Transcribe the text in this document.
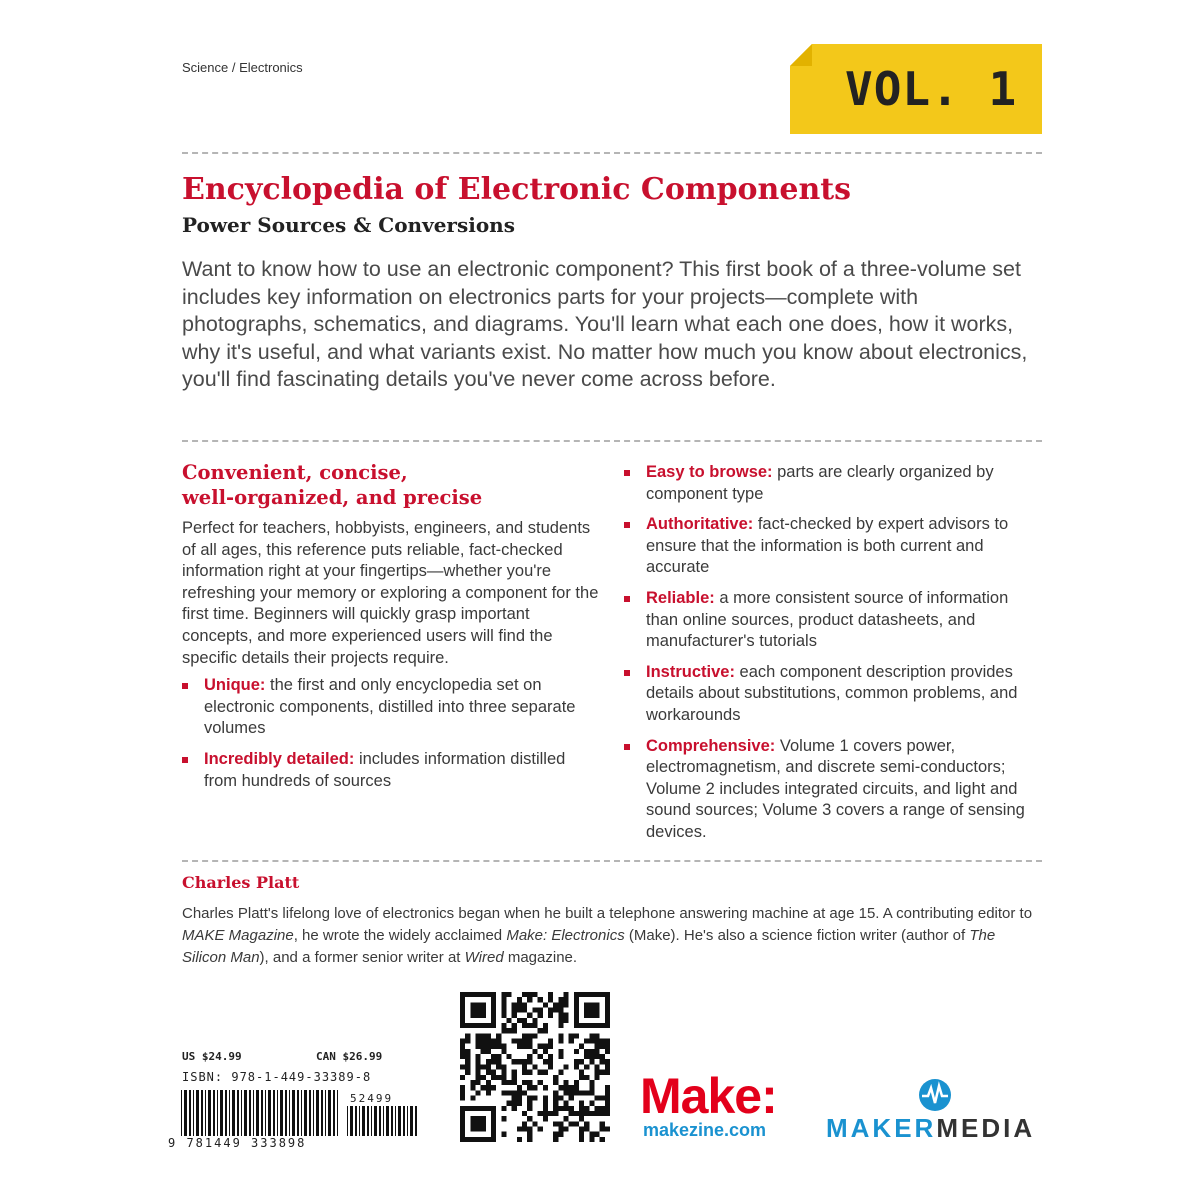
Science / Electronics	VOL. 1
Encyclopedia of Electronic Components
Power Sources & Conversions

Want to know how to use an electronic component? This first book of a three-volume set includes key information on electronics parts for your projects—complete with photographs, schematics, and diagrams. You'll learn what each one does, how it works, why it's useful, and what variants exist. No matter how much you know about electronics, you'll find fascinating details you've never come across before.

Convenient, concise,
well-organized, and precise

Perfect for teachers, hobbyists, engineers, and students of all ages, this reference puts reliable, fact-checked information right at your fingertips—whether you're refreshing your memory or exploring a component for the first time. Beginners will quickly grasp important concepts, and more experienced users will find the specific details their projects require.

Unique: the first and only encyclopedia set on electronic components, distilled into three separate volumes
Incredibly detailed: includes information distilled from hundreds of sources
Easy to browse: parts are clearly organized by component type
Authoritative: fact-checked by expert advisors to ensure that the information is both current and accurate
Reliable: a more consistent source of information than online sources, product datasheets, and manufacturer's tutorials
Instructive: each component description provides details about substitutions, common problems, and workarounds
Comprehensive: Volume 1 covers power, electromagnetism, and discrete semi-conductors; Volume 2 includes integrated circuits, and light and sound sources; Volume 3 covers a range of sensing devices.
Charles Platt

Charles Platt's lifelong love of electronics began when he built a telephone answering machine at age 15. A contributing editor to MAKE Magazine, he wrote the widely acclaimed Make: Electronics (Make). He's also a science fiction writer (author of The Silicon Man), and a former senior writer at Wired magazine.

US $24.99	CAN $26.99
ISBN: 978-1-449-33389-8
9 781449 333898
52499	Make:
makezine.com MAKERMEDIA
